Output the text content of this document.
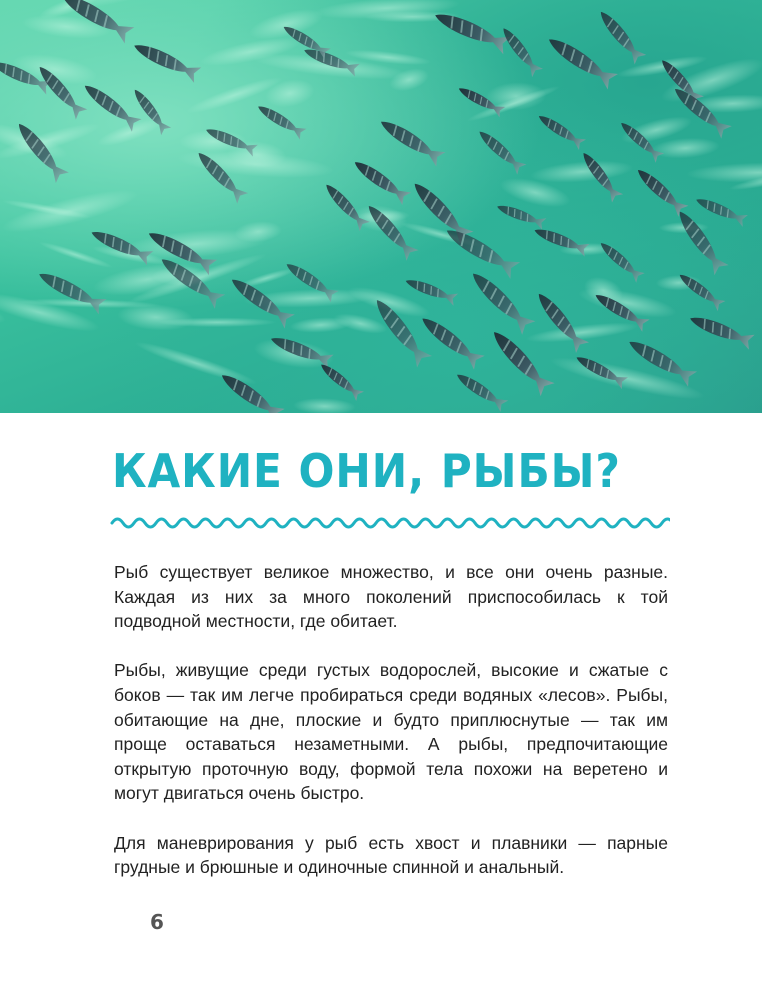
КАКИЕ ОНИ, РЫБЫ?

Рыб существует великое множество, и все они очень разные. Каждая из них за много поколений приспособилась к той подводной местности, где обитает.

Рыбы, живущие среди густых водорослей, высокие и сжатые с боков — так им легче пробираться среди водяных «лесов». Рыбы, обитающие на дне, плоские и будто приплюснутые — так им проще оставаться незаметными. А рыбы, предпочитающие открытую проточную воду, формой тела похожи на веретено и могут двигаться очень быстро.

Для маневрирования у рыб есть хвост и плавники — парные грудные и брюшные и одиночные спинной и анальный.

6
